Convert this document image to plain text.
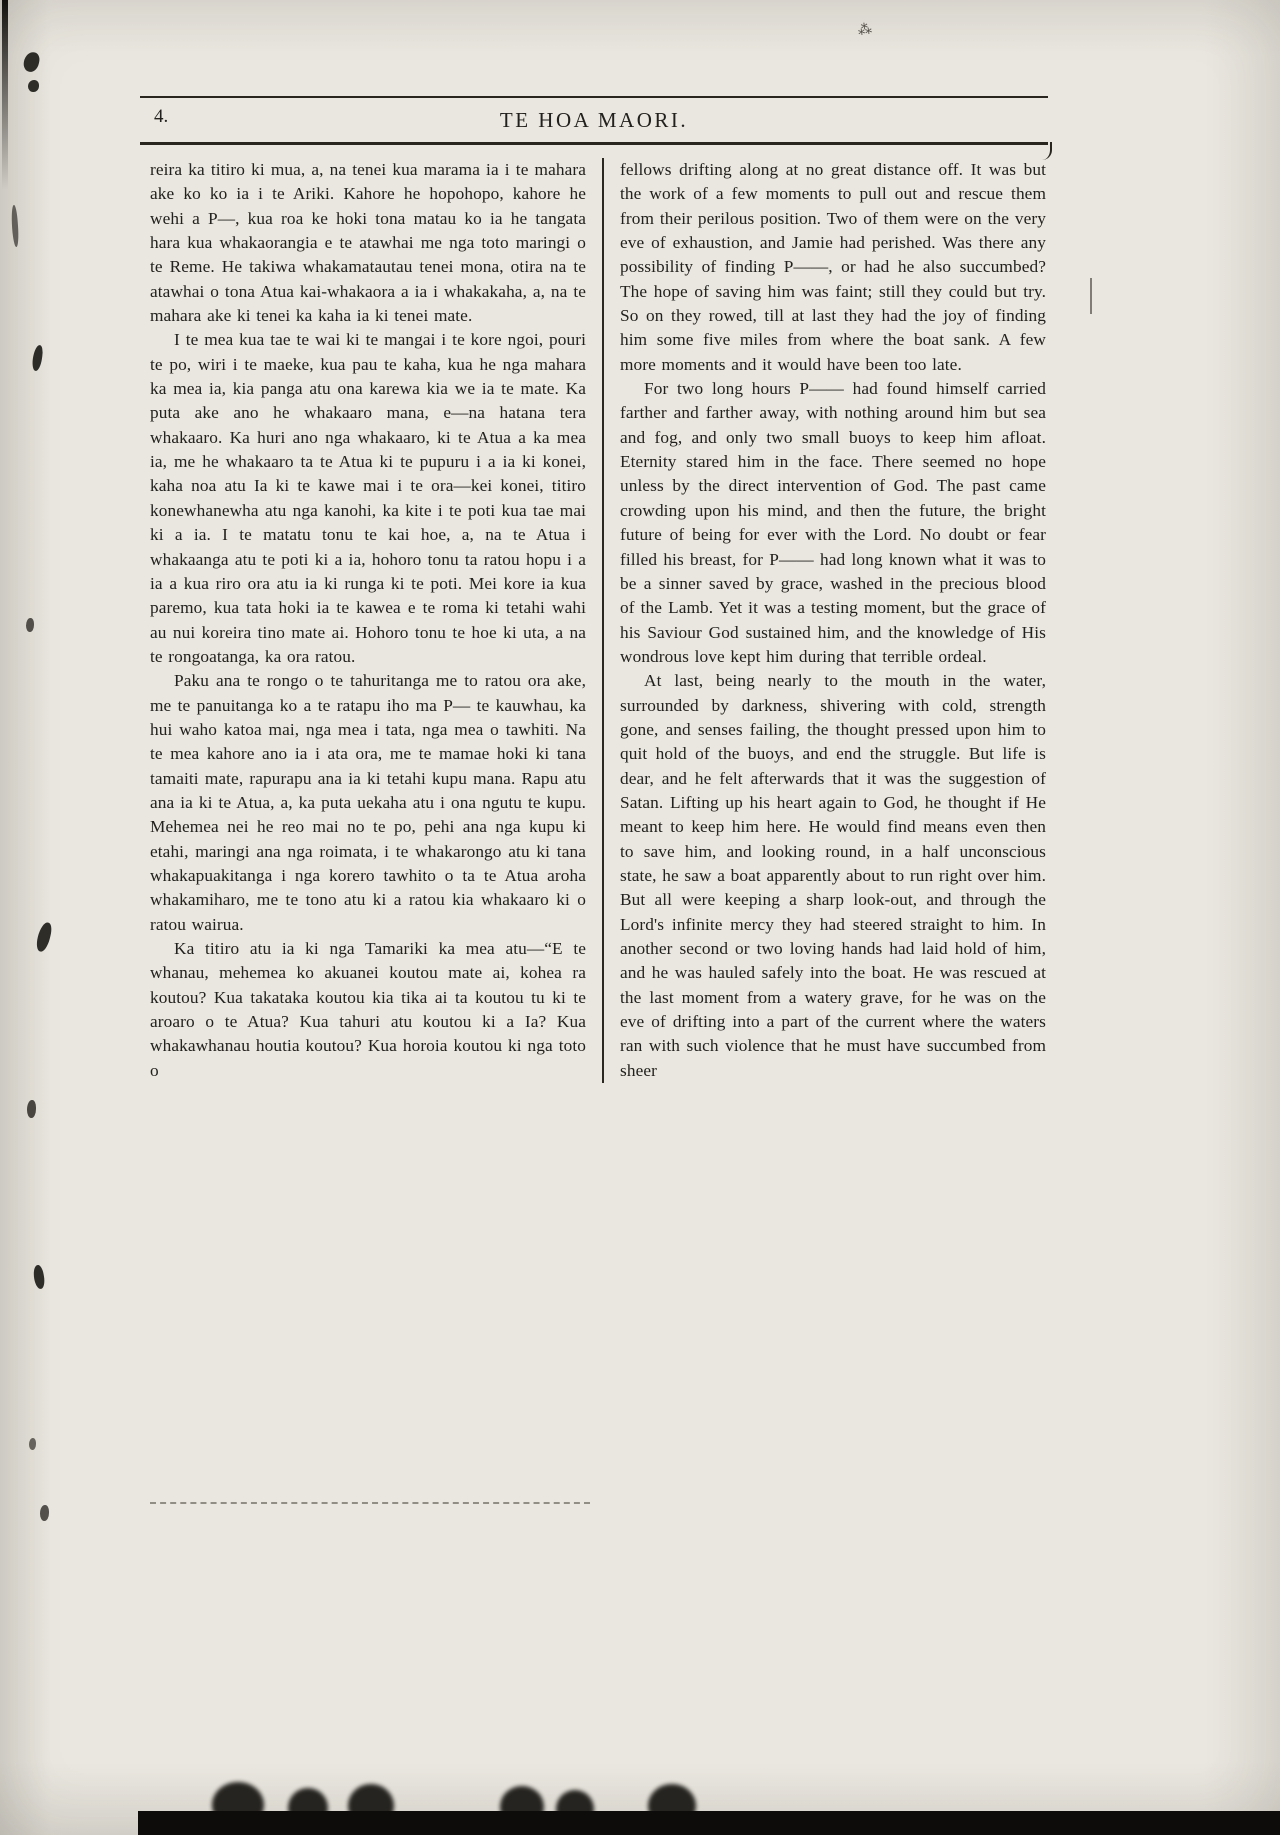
4.	TE HOA MAORI.

reira ka titiro ki mua, a, na tenei kua marama ia i te mahara ake ko ko ia i te Ariki. Kahore he hopohopo, kahore he wehi a P—, kua roa ke hoki tona matau ko ia he tangata hara kua whakaorangia e te atawhai me nga toto maringi o te Reme. He takiwa whakamatautau tenei mona, otira na te atawhai o tona Atua kai-whakaora a ia i whakakaha, a, na te mahara ake ki tenei ka kaha ia ki tenei mate.

I te mea kua tae te wai ki te mangai i te kore ngoi, pouri te po, wiri i te maeke, kua pau te kaha, kua he nga mahara ka mea ia, kia panga atu ona karewa kia we ia te mate. Ka puta ake ano he whakaaro mana, e—na hatana tera whakaaro. Ka huri ano nga whakaaro, ki te Atua a ka mea ia, me he whakaaro ta te Atua ki te pupuru i a ia ki konei, kaha noa atu Ia ki te kawe mai i te ora—kei konei, titiro konewhanewha atu nga kanohi, ka kite i te poti kua tae mai ki a ia. I te matatu tonu te kai hoe, a, na te Atua i whakaanga atu te poti ki a ia, hohoro tonu ta ratou hopu i a ia a kua riro ora atu ia ki runga ki te poti. Mei kore ia kua paremo, kua tata hoki ia te kawea e te roma ki tetahi wahi au nui koreira tino mate ai. Hohoro tonu te hoe ki uta, a na te rongoatanga, ka ora ratou.

Paku ana te rongo o te tahuritanga me to ratou ora ake, me te panuitanga ko a te ratapu iho ma P— te kauwhau, ka hui waho katoa mai, nga mea i tata, nga mea o tawhiti. Na te mea kahore ano ia i ata ora, me te mamae hoki ki tana tamaiti mate, rapurapu ana ia ki tetahi kupu mana. Rapu atu ana ia ki te Atua, a, ka puta uekaha atu i ona ngutu te kupu. Mehemea nei he reo mai no te po, pehi ana nga kupu ki etahi, maringi ana nga roimata, i te whakarongo atu ki tana whakapuakitanga i nga korero tawhito o ta te Atua aroha whakamiharo, me te tono atu ki a ratou kia whakaaro ki o ratou wairua.

Ka titiro atu ia ki nga Tamariki ka mea atu—“E te whanau, mehemea ko akuanei koutou mate ai, kohea ra koutou? Kua takataka koutou kia tika ai ta koutou tu ki te aroaro o te Atua? Kua tahuri atu koutou ki a Ia? Kua whakawhanau houtia koutou? Kua horoia koutou ki nga toto o

fellows drifting along at no great distance off. It was but the work of a few moments to pull out and rescue them from their perilous position. Two of them were on the very eve of exhaustion, and Jamie had perished. Was there any possibility of finding P——, or had he also succumbed? The hope of saving him was faint; still they could but try. So on they rowed, till at last they had the joy of finding him some five miles from where the boat sank. A few more moments and it would have been too late.

For two long hours P—— had found himself carried farther and farther away, with nothing around him but sea and fog, and only two small buoys to keep him afloat. Eternity stared him in the face. There seemed no hope unless by the direct intervention of God. The past came crowding upon his mind, and then the future, the bright future of being for ever with the Lord. No doubt or fear filled his breast, for P—— had long known what it was to be a sinner saved by grace, washed in the precious blood of the Lamb. Yet it was a testing moment, but the grace of his Saviour God sustained him, and the knowledge of His wondrous love kept him during that terrible ordeal.

At last, being nearly to the mouth in the water, surrounded by darkness, shivering with cold, strength gone, and senses failing, the thought pressed upon him to quit hold of the buoys, and end the struggle. But life is dear, and he felt afterwards that it was the suggestion of Satan. Lifting up his heart again to God, he thought if He meant to keep him here. He would find means even then to save him, and looking round, in a half unconscious state, he saw a boat apparently about to run right over him. But all were keeping a sharp look-out, and through the Lord's infinite mercy they had steered straight to him. In another second or two loving hands had laid hold of him, and he was hauled safely into the boat. He was rescued at the last moment from a watery grave, for he was on the eve of drifting into a part of the current where the waters ran with such violence that he must have succumbed from sheer

⁂
